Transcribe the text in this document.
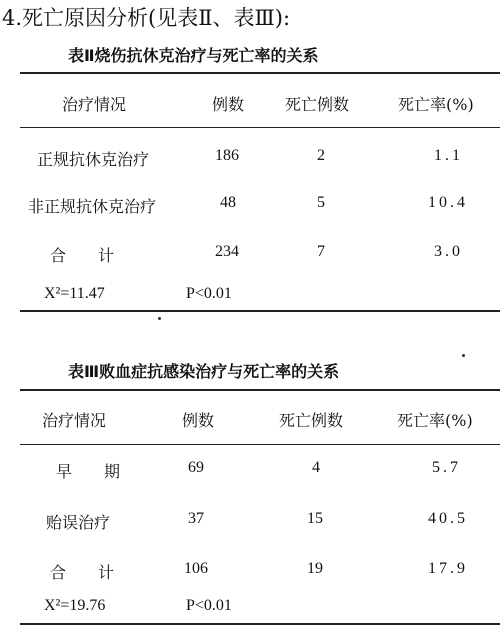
4.死亡原因分析(见表Ⅱ、表Ⅲ):
表Ⅱ烧伤抗休克治疗与死亡率的关系
治疗情况	例数	死亡例数	死亡率(%)
正规抗休克治疗	186	2	1.1
非正规抗休克治疗	48	5	10.4
合　计	234	7	3.0
X²=11.47	P<0.01
表Ⅲ败血症抗感染治疗与死亡率的关系
治疗情况	例数	死亡例数	死亡率(%)
早　期	69	4	5.7
贻误治疗	37	15	40.5
合　计	106	19	17.9
X²=19.76	P<0.01
